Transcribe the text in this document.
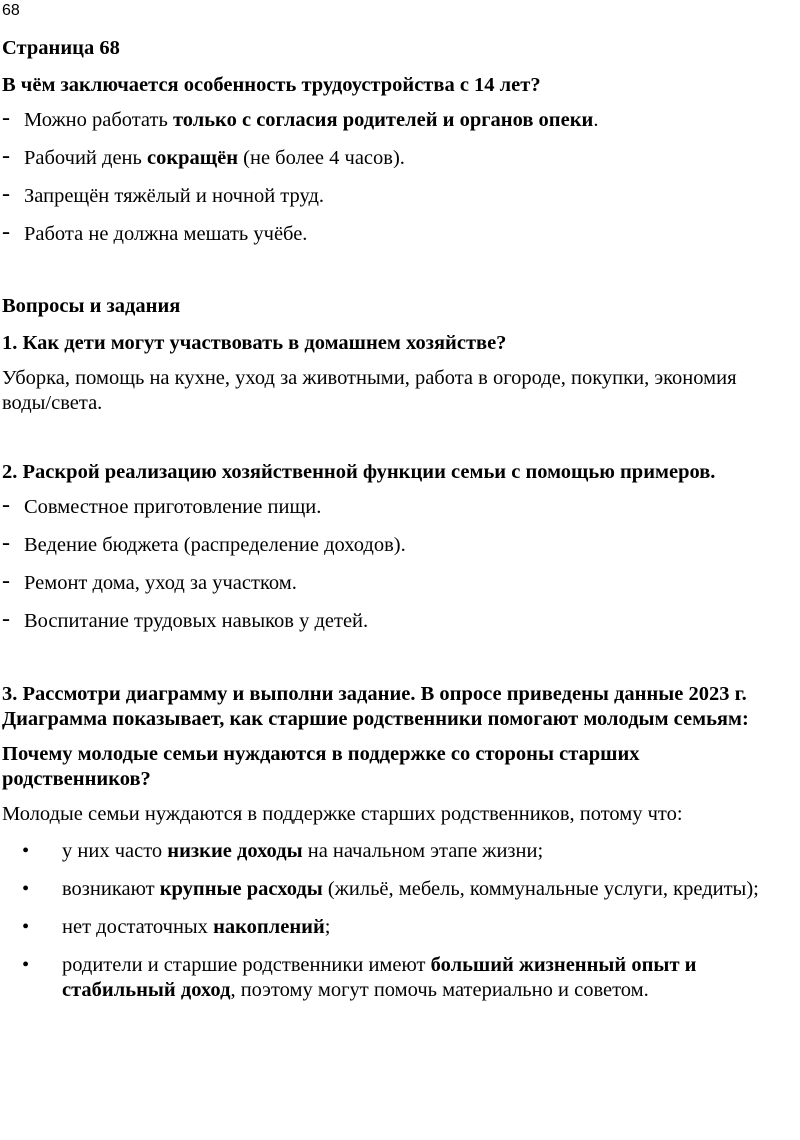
68

Страница 68

В чём заключается особенность трудоустройства с 14 лет?

- Можно работать только с согласия родителей и органов опеки.
- Рабочий день сокращён (не более 4 часов).
- Запрещён тяжёлый и ночной труд.
- Работа не должна мешать учёбе.

Вопросы и задания

1. Как дети могут участвовать в домашнем хозяйстве?

Уборка, помощь на кухне, уход за животными, работа в огороде, покупки, экономия воды/света.

2. Раскрой реализацию хозяйственной функции семьи с помощью примеров.

- Совместное приготовление пищи.
- Ведение бюджета (распределение доходов).
- Ремонт дома, уход за участком.
- Воспитание трудовых навыков у детей.

3. Рассмотри диаграмму и выполни задание. В опросе приведены данные 2023 г.

Диаграмма показывает, как старшие родственники помогают молодым семьям:

Почему молодые семьи нуждаются в поддержке со стороны старших родственников?

Молодые семьи нуждаются в поддержке старших родственников, потому что:

• у них часто низкие доходы на начальном этапе жизни;
• возникают крупные расходы (жильё, мебель, коммунальные услуги, кредиты);
• нет достаточных накоплений;
• родители и старшие родственники имеют больший жизненный опыт и стабильный доход, поэтому могут помочь материально и советом.
